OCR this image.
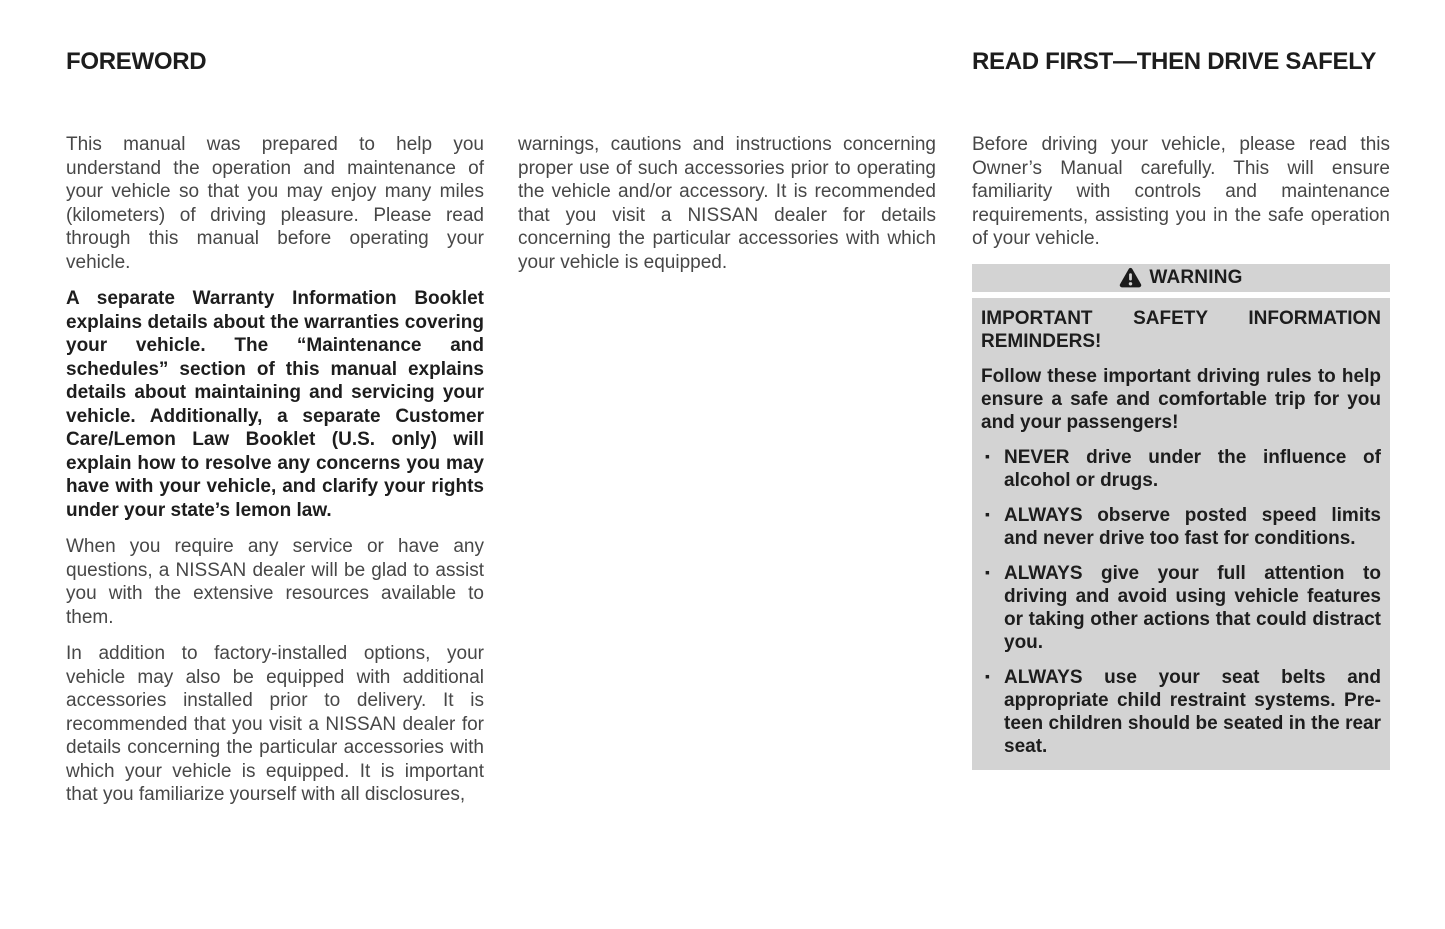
FOREWORD

This manual was prepared to help you understand the operation and maintenance of your vehicle so that you may enjoy many miles (kilometers) of driving pleasure. Please read through this manual before operating your vehicle.

A separate Warranty Information Booklet explains details about the warranties covering your vehicle. The “Maintenance and schedules” section of this manual explains details about maintaining and servicing your vehicle. Additionally, a separate Customer Care/Lemon Law Booklet (U.S. only) will explain how to resolve any concerns you may have with your vehicle, and clarify your rights under your state’s lemon law.

When you require any service or have any questions, a NISSAN dealer will be glad to assist you with the extensive resources available to them.

In addition to factory-installed options, your vehicle may also be equipped with additional accessories installed prior to delivery. It is recommended that you visit a NISSAN dealer for details concerning the particular accessories with which your vehicle is equipped. It is important that you familiarize yourself with all disclosures,

warnings, cautions and instructions concerning proper use of such accessories prior to operating the vehicle and/or accessory. It is recommended that you visit a NISSAN dealer for details concerning the particular accessories with which your vehicle is equipped.

READ FIRST—THEN DRIVE SAFELY

Before driving your vehicle, please read this Owner’s Manual carefully. This will ensure familiarity with controls and maintenance requirements, assisting you in the safe operation of your vehicle.

WARNING

IMPORTANT SAFETY INFORMATION REMINDERS!

Follow these important driving rules to help ensure a safe and comfortable trip for you and your passengers!

▪ NEVER drive under the influence of alcohol or drugs.
▪ ALWAYS observe posted speed limits and never drive too fast for conditions.
▪ ALWAYS give your full attention to driving and avoid using vehicle features or taking other actions that could distract you.
▪ ALWAYS use your seat belts and appropriate child restraint systems. Pre-teen children should be seated in the rear seat.
